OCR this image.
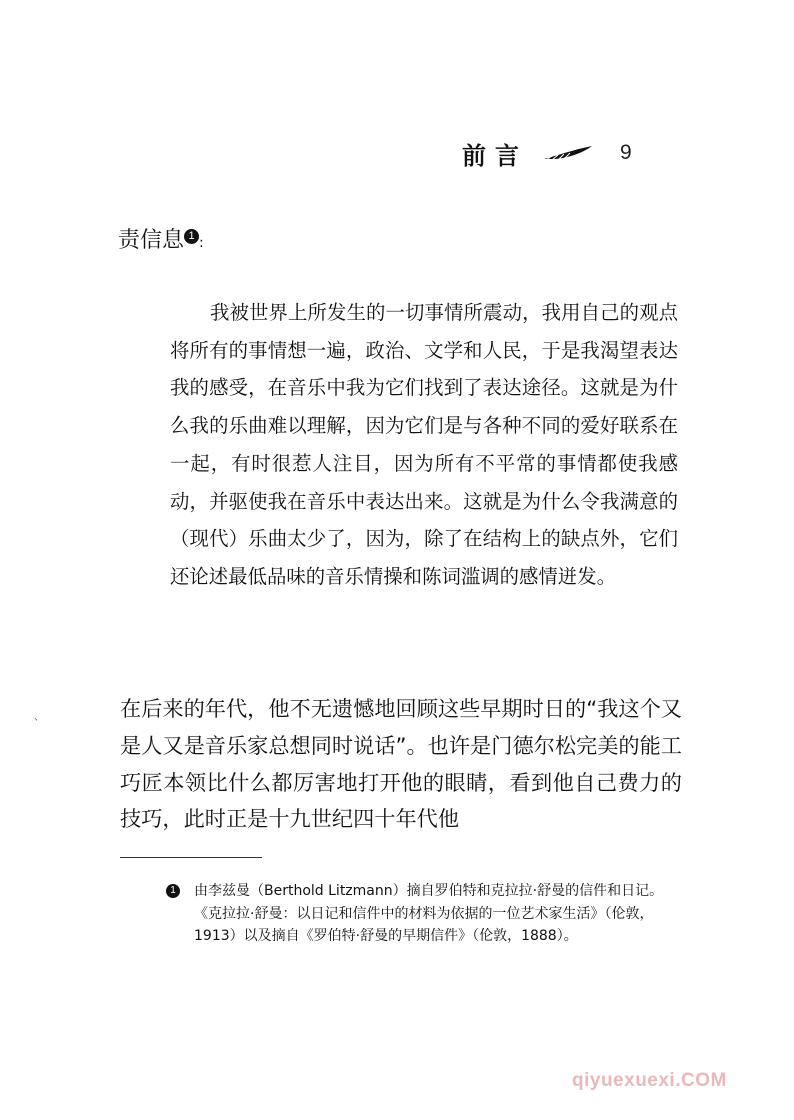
前言	9
责信息 1 :

我被世界上所发生的一切事情所震动，我用自己的观点将所有的事情想一遍，政治、文学和人民，于是我渴望表达我的感受，在音乐中我为它们找到了表达途径。这就是为什么我的乐曲难以理解，因为它们是与各种不同的爱好联系在一起，有时很惹人注目，因为所有不平常的事情都使我感动，并驱使我在音乐中表达出来。这就是为什么令我满意的（现代）乐曲太少了，因为，除了在结构上的缺点外，它们还论述最低品味的音乐情操和陈词滥调的感情迸发。

、	在后来的年代，他不无遗憾地回顾这些早期时日的“我这个又是人又是音乐家总想同时说话”。也许是门德尔松完美的能工巧匠本领比什么都厉害地打开他的眼睛，看到他自己费力的技巧，此时正是十九世纪四十年代他

1	由李兹曼（Berthold Litzmann）摘自罗伯特和克拉拉·舒曼的信件和日记。《克拉拉·舒曼：以日记和信件中的材料为依据的一位艺术家生活》（伦敦，1913）以及摘自《罗伯特·舒曼的早期信件》（伦敦，1888）。

qiyuexuexi.COM
